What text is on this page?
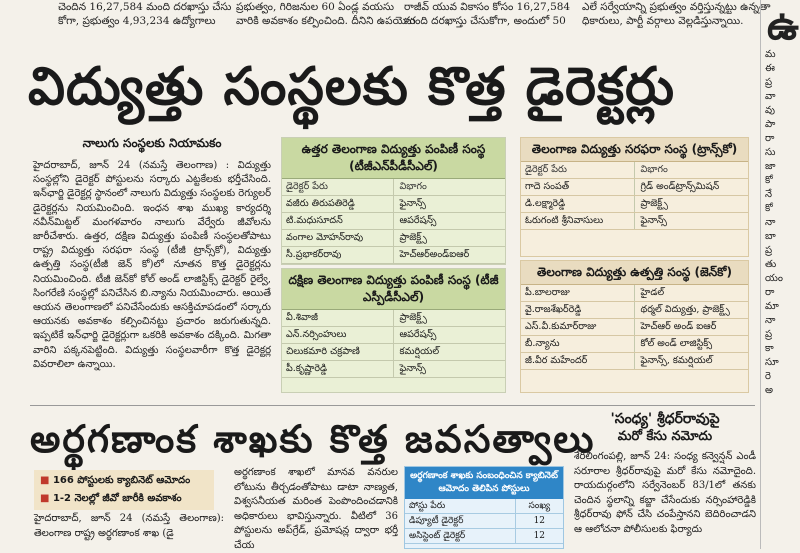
చెందిన 16,27,584 మంది దరఖాస్తు చేసు
కోగా, ప్రభుత్వం 4,93,234 ఉద్యోగాలు
ప్రభుత్వం, గిరిజనుల 60 ఏండ్ల వయసు
వారికి అవకాశం కల్పించింది. దీనిని ఉపయోగ
రాజీవ్ యువ వికాసం కోసం 16,27,584
మంది దరఖాస్తు చేసుకోగా, అందులో 50
ఎలే సర్వేయాన్ని ప్రభుత్వం వర్తిస్తున్నట్టు ఉన్నతా
ధికారులు, పార్టీ వర్గాలు వెల్లడిస్తున్నాయి. ఉ
మ
ఈ
ప్ర
వా
వు
పా
రా
సు
జా
కో
నే
కో
నా
బా
ప్ర
తు
యం
రా
మా
నా
ప్ర
కా
సూ
రె
అ
విద్యుత్తు సంస్థలకు కొత్త డైరెక్టర్లు
నాలుగు సంస్థలకు నియామకం
హైదరాబాద్, జూన్ 24 (నమస్తే తెలంగాణ) : విద్యుత్తు సంస్థల్లోని డైరెక్టర్ పోస్టులను సర్కారు ఎట్టకేలకు భర్తీచేసింది. ఇన్‌ఛార్జి డైరెక్టర్ల స్థానంలో నాలుగు విద్యుత్తు సంస్థలకు రెగ్యులర్ డైరెక్టర్లను నియమించింది. ఇంధన శాఖ ముఖ్య కార్యదర్శి నవీన్‌మిట్టల్ మంగళవారం నాలుగు వేర్వేరు జీవోలను జారీచేశారు. ఉత్తర, దక్షిణ విద్యుత్తు పంపిణీ సంస్థలతోపాటు రాష్ట్ర విద్యుత్తు సరఫరా సంస్థ (టీజీ ట్రాన్స్‌కో), విద్యుత్తు ఉత్పత్తి సంస్థ(టీజీ జెన్ కో)లో నూతన కొత్త డైరెక్టర్లను నియమించింది. టీజీ జెన్‌కో కోల్ అండ్ లాజిస్టిక్స్ డైరెక్టర్ రైల్వే, సింగరేణి సంస్థల్లో పనిచేసిన బి.న్యాను నియమించారు. ఆయితే ఆయన తెలంగాణలో పనిచేసేందుకు ఆసక్తిచూపడంలో సర్కారు ఆయనకు అవకాశం కల్పించినట్టు ప్రచారం జరుగుతున్నది. ఇప్పటికే ఇన్‌ఛార్జి డైరెక్టర్లుగా ఒకరికి అవకాశం దక్కింది. మిగతా వారిని పక్కనపెట్టింది. విద్యుత్తు సంస్థలవారీగా కొత్త డైరెక్టర్ల వివరాలిలా ఉన్నాయి.
ఉత్తర తెలంగాణ విద్యుత్తు పంపిణీ సంస్థ (టీజీఎన్‌పీడీసీఎల్)
డైరెక్టర్ పేరు	విభాగం
వజీరు తిరుపతిరెడ్డి	ఫైనాన్స్
టి.మధుసూదన్	ఆపరేషన్స్
వంగాల మోహన్‌రావు	ప్రాజెక్ట్స్
సీ.ప్రభాకర్‌రావు	హెచ్‌ఆర్‌అండ్‌ఐఆర్
దక్షిణ తెలంగాణ విద్యుత్తు పంపిణీ సంస్థ (టీజీ ఎస్పీడీసీఎల్)
వీ.శివాజీ	ప్రాజెక్ట్స్
ఎన్.నర్సింహులు	ఆపరేషన్స్
చిలుకమారి చక్రపాణి	కమర్షియల్
పీ.కృష్ణారెడ్డి	ఫైనాన్స్
తెలంగాణ విద్యుత్తు సరఫరా సంస్థ (ట్రాన్స్‌కో)
డైరెక్టర్ పేరు	విభాగం
గాదె సంపత్	గ్రిడ్ అండ్‌ట్రాన్స్‌మిషన్
డి.లక్ష్మారెడ్డి	ప్రాజెక్ట్స్
ఓరుగంటి శ్రీనివాసులు	ఫైనాన్స్
తెలంగాణ విద్యుత్తు ఉత్పత్తి సంస్థ (జెన్‌కో)
పీ.బాలరాజు	హైడల్
వై.రాజశేఖర్‌రెడ్డి	థర్మల్ విద్యుత్తు, ప్రాజెక్ట్స్
ఎస్.వీ.కుమార్‌రాజు	హెచ్‌ఆర్ అండ్ ఐఆర్
బీ.న్యాను	కోల్ అండ్ లాజిస్టిక్స్
జీ.వీర మహేందర్	ఫైనాన్స్, కమర్షియల్
అర్థగణాంక శాఖకు కొత్త జవసత్వాలు
■ 166 పోస్టులకు క్యాబినెట్ ఆమోదం
■ 1-2 నెలల్లో జీవో జారీకి అవకాశం
హైదరాబాద్, జూన్ 24 (నమస్తే తెలంగాణ): తెలంగాణ రాష్ట్ర అర్థగణాంక శాఖ (డై
అర్థగణాంక శాఖలో మానవ వనరుల లోటును తీర్చడంతోపాటు డాటా నాణ్యత, విశ్వసనీయత మరింత పెంపొందించడానికి అధికారులు భావిస్తున్నారు. వీటిలో 36 పోస్టులను అప్‌గ్రేడ్, ప్రమోషన్ల ద్వారా భర్తీ చేయ
అర్థగణాంక శాఖకు సంబంధించిన క్యాబినెట్ ఆమోదం తెలిపిన పోస్టులు
పోస్టు పేరు	సంఖ్య
డిప్యూటీ డైరెక్టర్	12
అసిస్టెంట్ డైరెక్టర్	12
'సంధ్య' శ్రీధర్‌రావుపై
మరో కేసు నమోదు
శేరిలింగంపల్లి, జూన్ 24: సంధ్య కన్వెన్షన్ ఎండీ సరూరాల శ్రీధర్‌రావుపై మరో కేసు నమోదైంది. రాయదుర్గంలోని సర్వేనెంబర్ 83/1లో తనకు చెందిన స్థలాన్ని కబ్జా చేసేందుకు నర్సింహారెడ్డికి శ్రీధర్‌రావు ఫోన్ చేసి చంపేస్తానని బెదిరించాడని ఆ ఆలోచనా పోలీసులకు ఫిర్యాదు
